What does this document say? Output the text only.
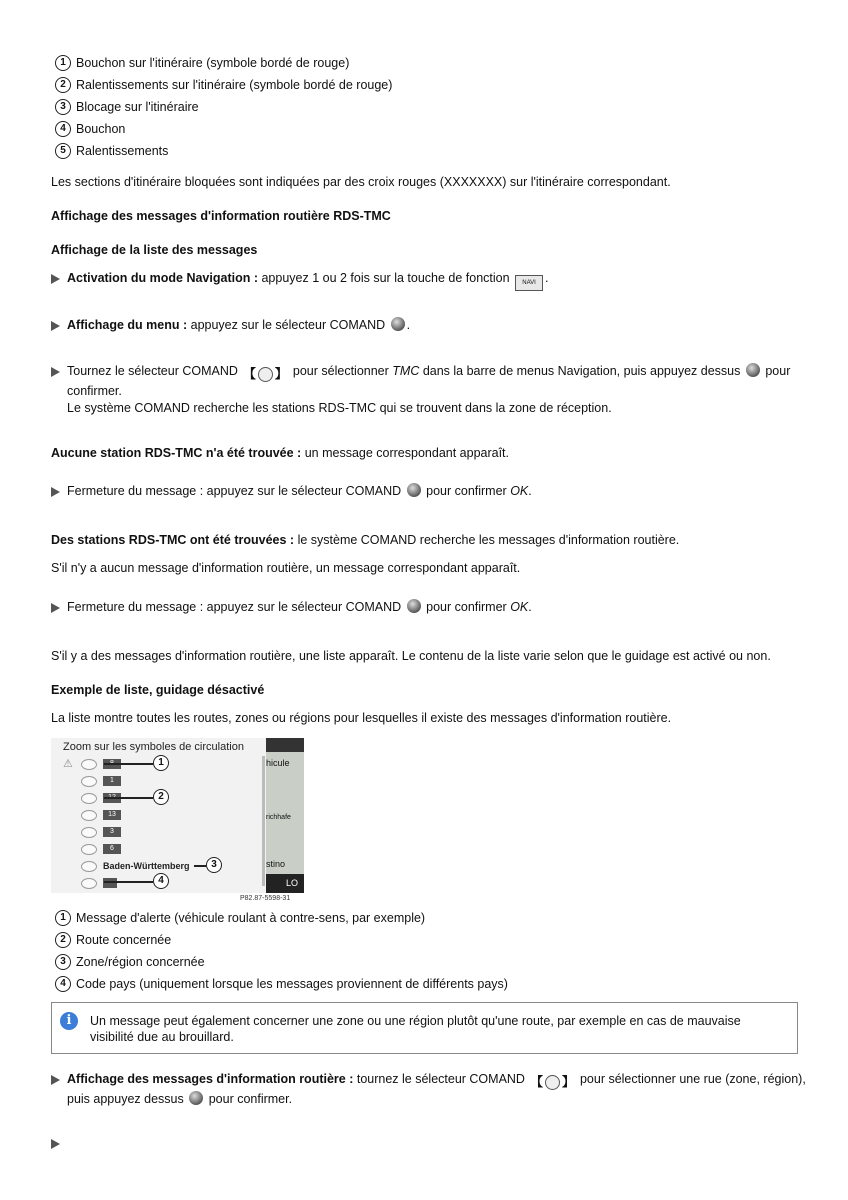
1 Bouchon sur l'itinéraire (symbole bordé de rouge)
2 Ralentissements sur l'itinéraire (symbole bordé de rouge)
3 Blocage sur l'itinéraire
4 Bouchon
5 Ralentissements
Les sections d'itinéraire bloquées sont indiquées par des croix rouges (XXXXXXX) sur l'itinéraire correspondant.
Affichage des messages d'information routière RDS-TMC
Affichage de la liste des messages
Activation du mode Navigation : appuyez 1 ou 2 fois sur la touche de fonction NAVI .
Affichage du menu : appuyez sur le sélecteur COMAND .
Tournez le sélecteur COMAND 【 】 pour sélectionner TMC dans la barre de menus Navigation, puis appuyez dessus  pour confirmer.
Le système COMAND recherche les stations RDS-TMC qui se trouvent dans la zone de réception.
Aucune station RDS-TMC n'a été trouvée : un message correspondant apparaît.
Fermeture du message : appuyez sur le sélecteur COMAND  pour confirmer OK.
Des stations RDS-TMC ont été trouvées : le système COMAND recherche les messages d'information routière.
S'il n'y a aucun message d'information routière, un message correspondant apparaît.
Fermeture du message : appuyez sur le sélecteur COMAND  pour confirmer OK.
S'il y a des messages d'information routière, une liste apparaît. Le contenu de la liste varie selon que le guidage est activé ou non.
Exemple de liste, guidage désactivé
La liste montre toutes les routes, zones ou régions pour lesquelles il existe des messages d'information routière.
Zoom sur les symboles de circulation
⚠
1
13
3
6
Baden-Württemberg
hicule
richhafe
stino
LO
1
2
3
4
P82.87-5598-31
1 Message d'alerte (véhicule roulant à contre-sens, par exemple)
2 Route concernée
3 Zone/région concernée
4 Code pays (uniquement lorsque les messages proviennent de différents pays)
i	Un message peut également concerner une zone ou une région plutôt qu'une route, par exemple en cas de mauvaise visibilité due au brouillard.
Affichage des messages d'information routière : tournez le sélecteur COMAND 【 】 pour sélectionner une rue (zone, région), puis appuyez dessus  pour confirmer.
